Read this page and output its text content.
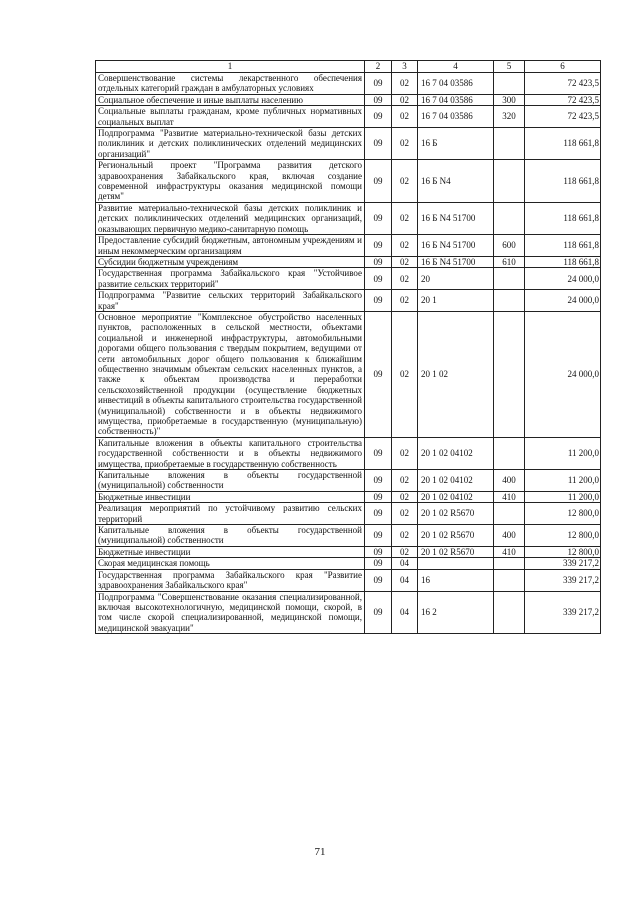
1	2	3	4	5	6
Совершенствование системы лекарственного обеспечения отдельных категорий граждан в амбулаторных условиях	09	02	16 7 04 03586		72 423,5
Социальное обеспечение и иные выплаты населению	09	02	16 7 04 03586	300	72 423,5
Социальные выплаты гражданам, кроме публичных нормативных социальных выплат	09	02	16 7 04 03586	320	72 423,5
Подпрограмма "Развитие материально-технической базы детских поликлиник и детских поликлинических отделений медицинских организаций"	09	02	16 Б		118 661,8
Региональный проект "Программа развития детского здравоохранения Забайкальского края, включая создание современной инфраструктуры оказания медицинской помощи детям"	09	02	16 Б N4		118 661,8
Развитие материально-технической базы детских поликлиник и детских поликлинических отделений медицинских организаций, оказывающих первичную медико-санитарную помощь	09	02	16 Б N4 51700		118 661,8
Предоставление субсидий бюджетным, автономным учреждениям и иным некоммерческим организациям	09	02	16 Б N4 51700	600	118 661,8
Субсидии бюджетным учреждениям	09	02	16 Б N4 51700	610	118 661,8
Государственная программа Забайкальского края "Устойчивое развитие сельских территорий"	09	02	20		24 000,0
Подпрограмма "Развитие сельских территорий Забайкальского края"	09	02	20 1		24 000,0
Основное мероприятие "Комплексное обустройство населенных пунктов, расположенных в сельской местности, объектами социальной и инженерной инфраструктуры, автомобильными дорогами общего пользования с твердым покрытием, ведущими от сети автомобильных дорог общего пользования к ближайшим общественно значимым объектам сельских населенных пунктов, а также к объектам производства и переработки сельскохозяйственной продукции (осуществление бюджетных инвестиций в объекты капитального строительства государственной (муниципальной) собственности и в объекты недвижимого имущества, приобретаемые в государственную (муниципальную) собственность)"	09	02	20 1 02		24 000,0
Капитальные вложения в объекты капитального строительства государственной собственности и в объекты недвижимого имущества, приобретаемые в государственную собственность	09	02	20 1 02 04102		11 200,0
Капитальные вложения в объекты государственной (муниципальной) собственности	09	02	20 1 02 04102	400	11 200,0
Бюджетные инвестиции	09	02	20 1 02 04102	410	11 200,0
Реализация мероприятий по устойчивому развитию сельских территорий	09	02	20 1 02 R5670		12 800,0
Капитальные вложения в объекты государственной (муниципальной) собственности	09	02	20 1 02 R5670	400	12 800,0
Бюджетные инвестиции	09	02	20 1 02 R5670	410	12 800,0
Скорая медицинская помощь	09	04			339 217,2
Государственная программа Забайкальского края "Развитие здравоохранения Забайкальского края"	09	04	16		339 217,2
Подпрограмма "Совершенствование оказания специализированной, включая высокотехнологичную, медицинской помощи, скорой, в том числе скорой специализированной, медицинской помощи, медицинской эвакуации"	09	04	16 2		339 217,2
71
